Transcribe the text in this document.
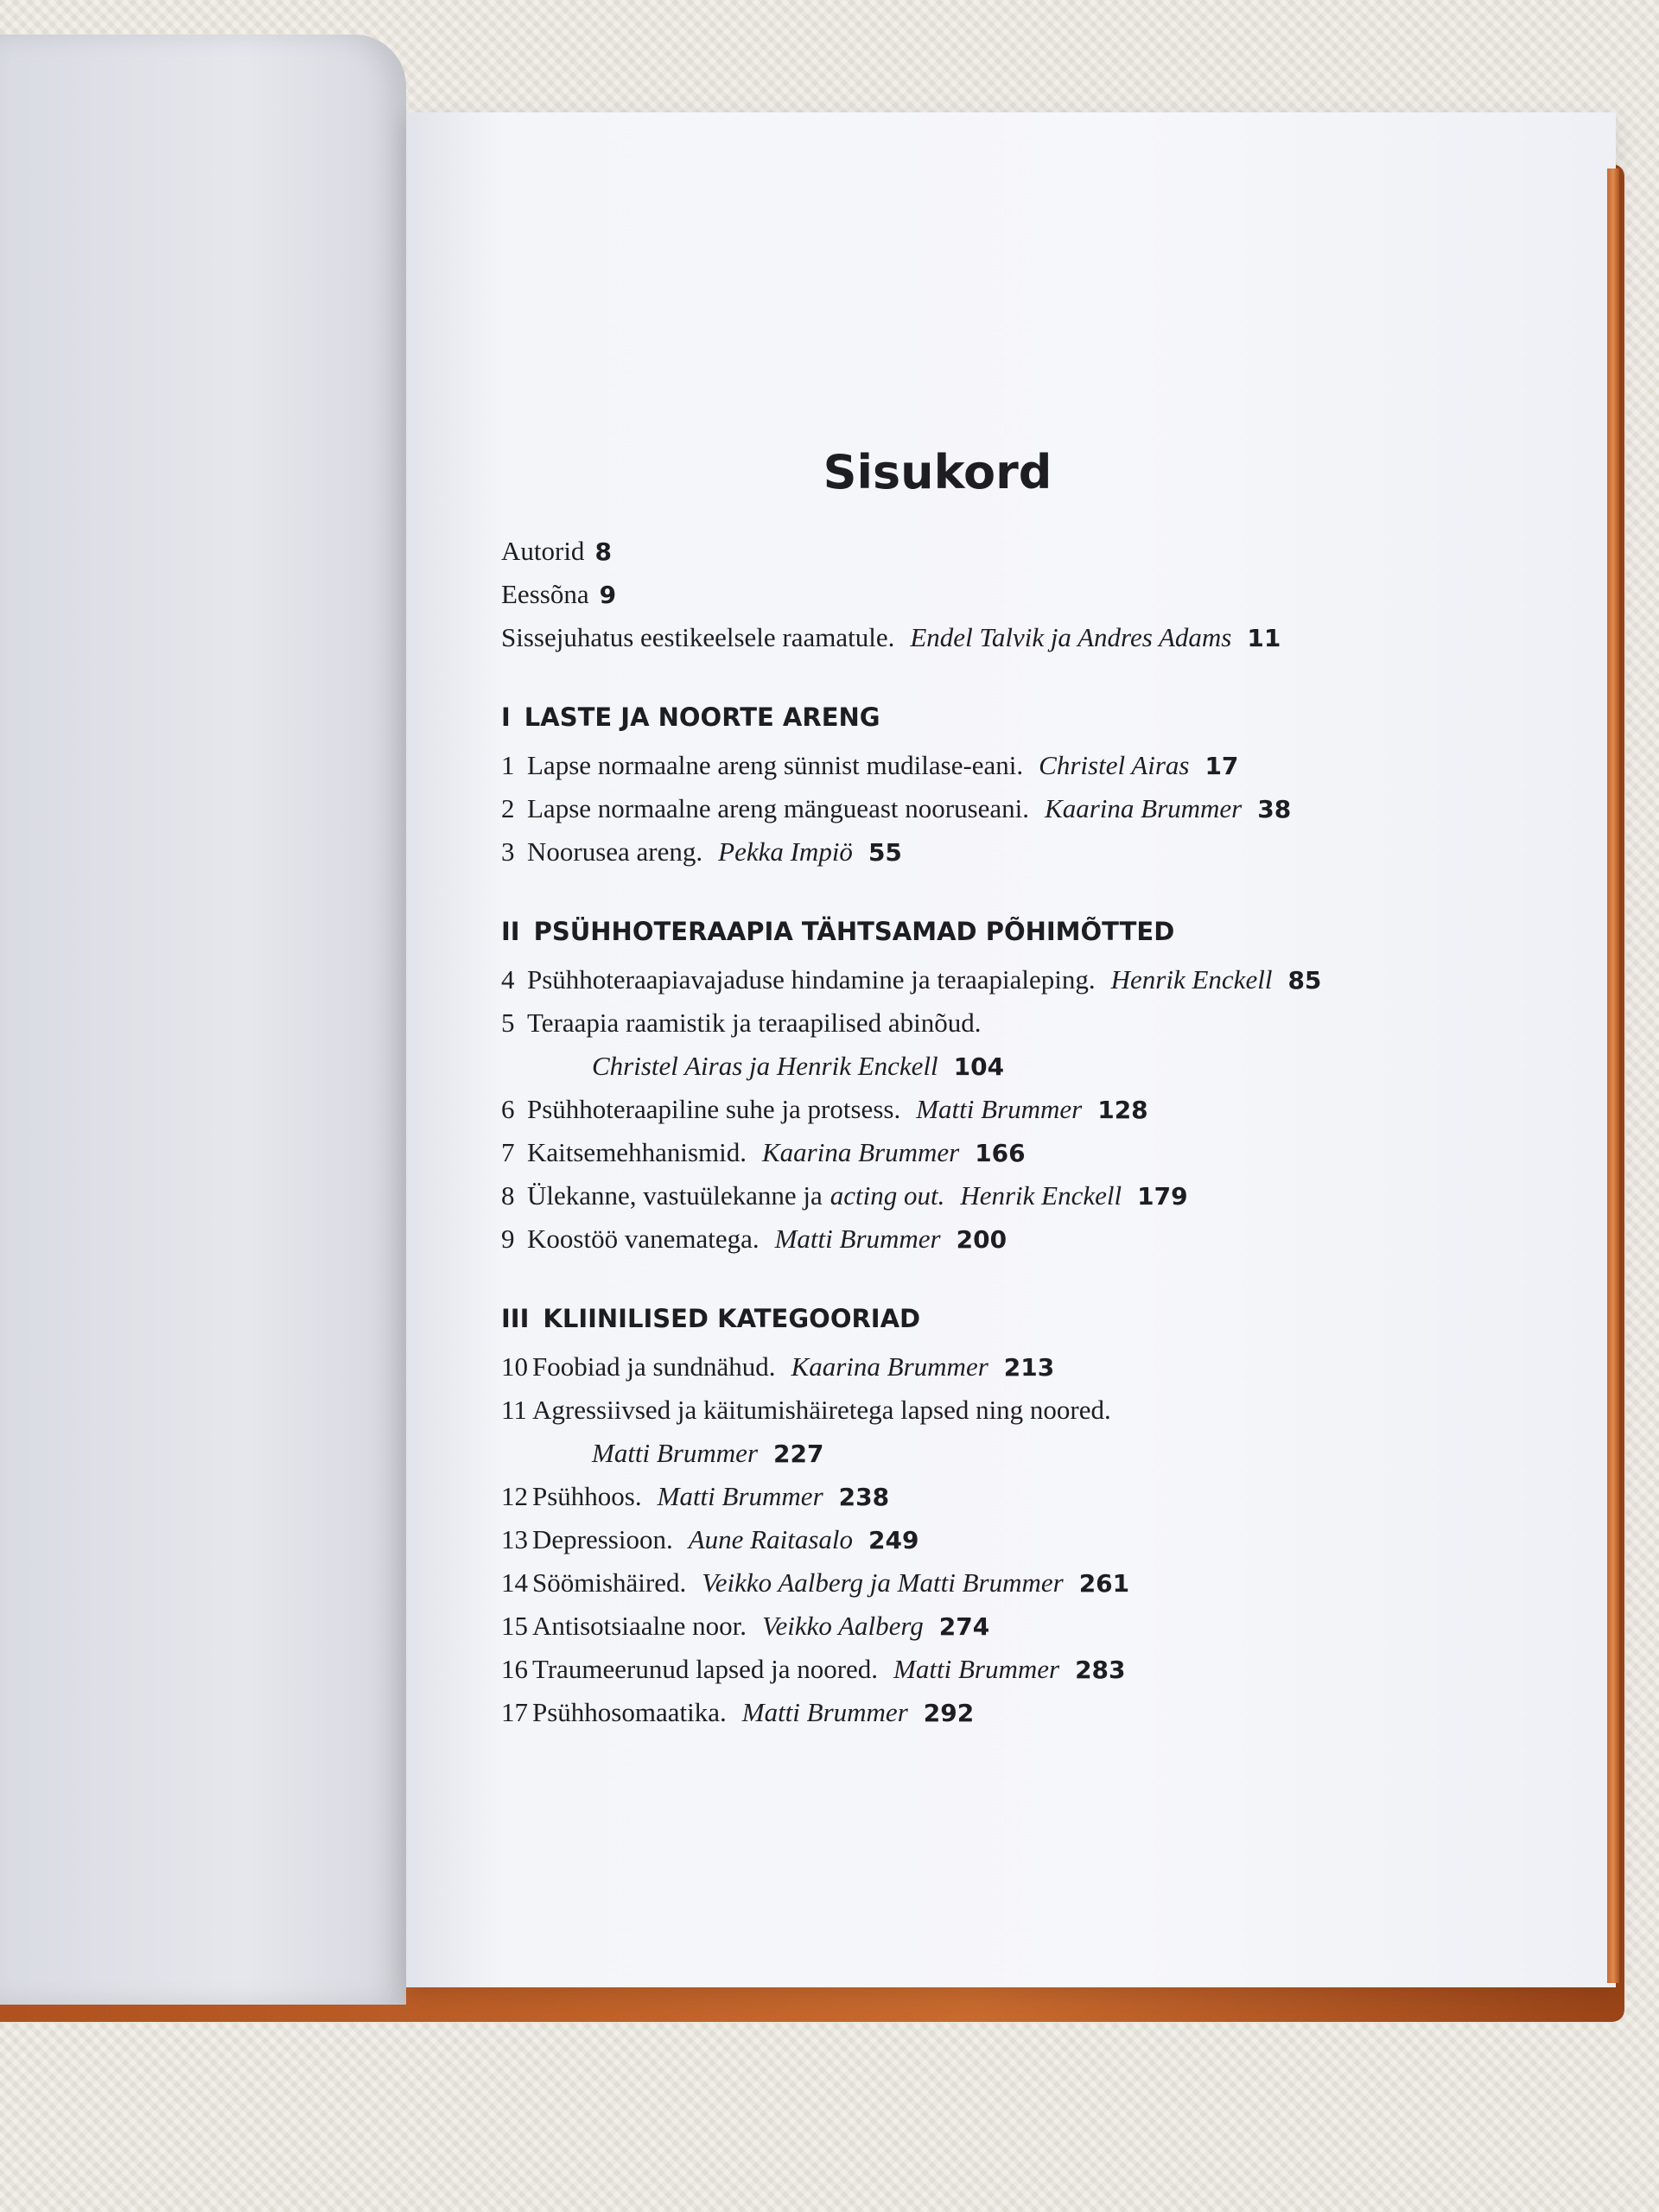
Sisukord
Autorid 8
Eessõna 9
Sissejuhatus eestikeelsele raamatule. Endel Talvik ja Andres Adams 11
I LASTE JA NOORTE ARENG
1 Lapse normaalne areng sünnist mudilase-eani. Christel Airas 17
2 Lapse normaalne areng mängueast nooruseani. Kaarina Brummer 38
3 Noorusea areng. Pekka Impiö 55
II PSÜHHOTERAAPIA TÄHTSAMAD PÕHIMÕTTED
4 Psühhoteraapiavajaduse hindamine ja teraapialeping. Henrik Enckell 85
5 Teraapia raamistik ja teraapilised abinõud.
Christel Airas ja Henrik Enckell 104
6 Psühhoteraapiline suhe ja protsess. Matti Brummer 128
7 Kaitsemehhanismid. Kaarina Brummer 166
8 Ülekanne, vastuülekanne ja acting out. Henrik Enckell 179
9 Koostöö vanematega. Matti Brummer 200
III KLIINILISED KATEGOORIAD
10 Foobiad ja sundnähud. Kaarina Brummer 213
11 Agressiivsed ja käitumishäiretega lapsed ning noored.
Matti Brummer 227
12 Psühhoos. Matti Brummer 238
13 Depressioon. Aune Raitasalo 249
14 Söömishäired. Veikko Aalberg ja Matti Brummer 261
15 Antisotsiaalne noor. Veikko Aalberg 274
16 Traumeerunud lapsed ja noored. Matti Brummer 283
17 Psühhosomaatika. Matti Brummer 292
